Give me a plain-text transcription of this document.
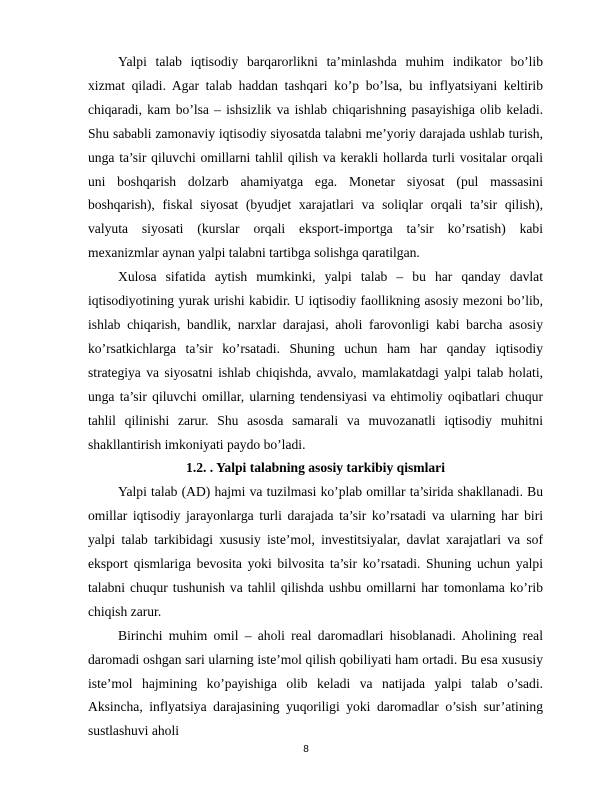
Yalpi talab iqtisodiy barqarorlikni ta’minlashda muhim indikator bo’lib xizmat qiladi. Agar talab haddan tashqari ko’p bo’lsa, bu inflyatsiyani keltirib chiqaradi, kam bo’lsa – ishsizlik va ishlab chiqarishning pasayishiga olib keladi. Shu sababli zamonaviy iqtisodiy siyosatda talabni me’yoriy darajada ushlab turish, unga ta’sir qiluvchi omillarni tahlil qilish va kerakli hollarda turli vositalar orqali uni boshqarish dolzarb ahamiyatga ega. Monetar siyosat (pul massasini boshqarish), fiskal siyosat (byudjet xarajatlari va soliqlar orqali ta’sir qilish), valyuta siyosati (kurslar orqali eksport-importga ta’sir ko’rsatish) kabi mexanizmlar aynan yalpi talabni tartibga solishga qaratilgan.

Xulosa sifatida aytish mumkinki, yalpi talab – bu har qanday davlat iqtisodiyotining yurak urishi kabidir. U iqtisodiy faollikning asosiy mezoni bo’lib, ishlab chiqarish, bandlik, narxlar darajasi, aholi farovonligi kabi barcha asosiy ko’rsatkichlarga ta’sir ko’rsatadi. Shuning uchun ham har qanday iqtisodiy strategiya va siyosatni ishlab chiqishda, avvalo, mamlakatdagi yalpi talab holati, unga ta’sir qiluvchi omillar, ularning tendensiyasi va ehtimoliy oqibatlari chuqur tahlil qilinishi zarur. Shu asosda samarali va muvozanatli iqtisodiy muhitni shakllantirish imkoniyati paydo bo’ladi.

1.2. . Yalpi talabning asosiy tarkibiy qismlari

Yalpi talab (AD) hajmi va tuzilmasi ko’plab omillar ta’sirida shakllanadi. Bu omillar iqtisodiy jarayonlarga turli darajada ta’sir ko’rsatadi va ularning har biri yalpi talab tarkibidagi xususiy iste’mol, investitsiyalar, davlat xarajatlari va sof eksport qismlariga bevosita yoki bilvosita ta’sir ko’rsatadi. Shuning uchun yalpi talabni chuqur tushunish va tahlil qilishda ushbu omillarni har tomonlama ko’rib chiqish zarur.

Birinchi muhim omil – aholi real daromadlari hisoblanadi. Aholining real daromadi oshgan sari ularning iste’mol qilish qobiliyati ham ortadi. Bu esa xususiy iste’mol hajmining ko’payishiga olib keladi va natijada yalpi talab o’sadi. Aksincha, inflyatsiya darajasining yuqoriligi yoki daromadlar o’sish sur’atining sustlashuvi aholi

8
